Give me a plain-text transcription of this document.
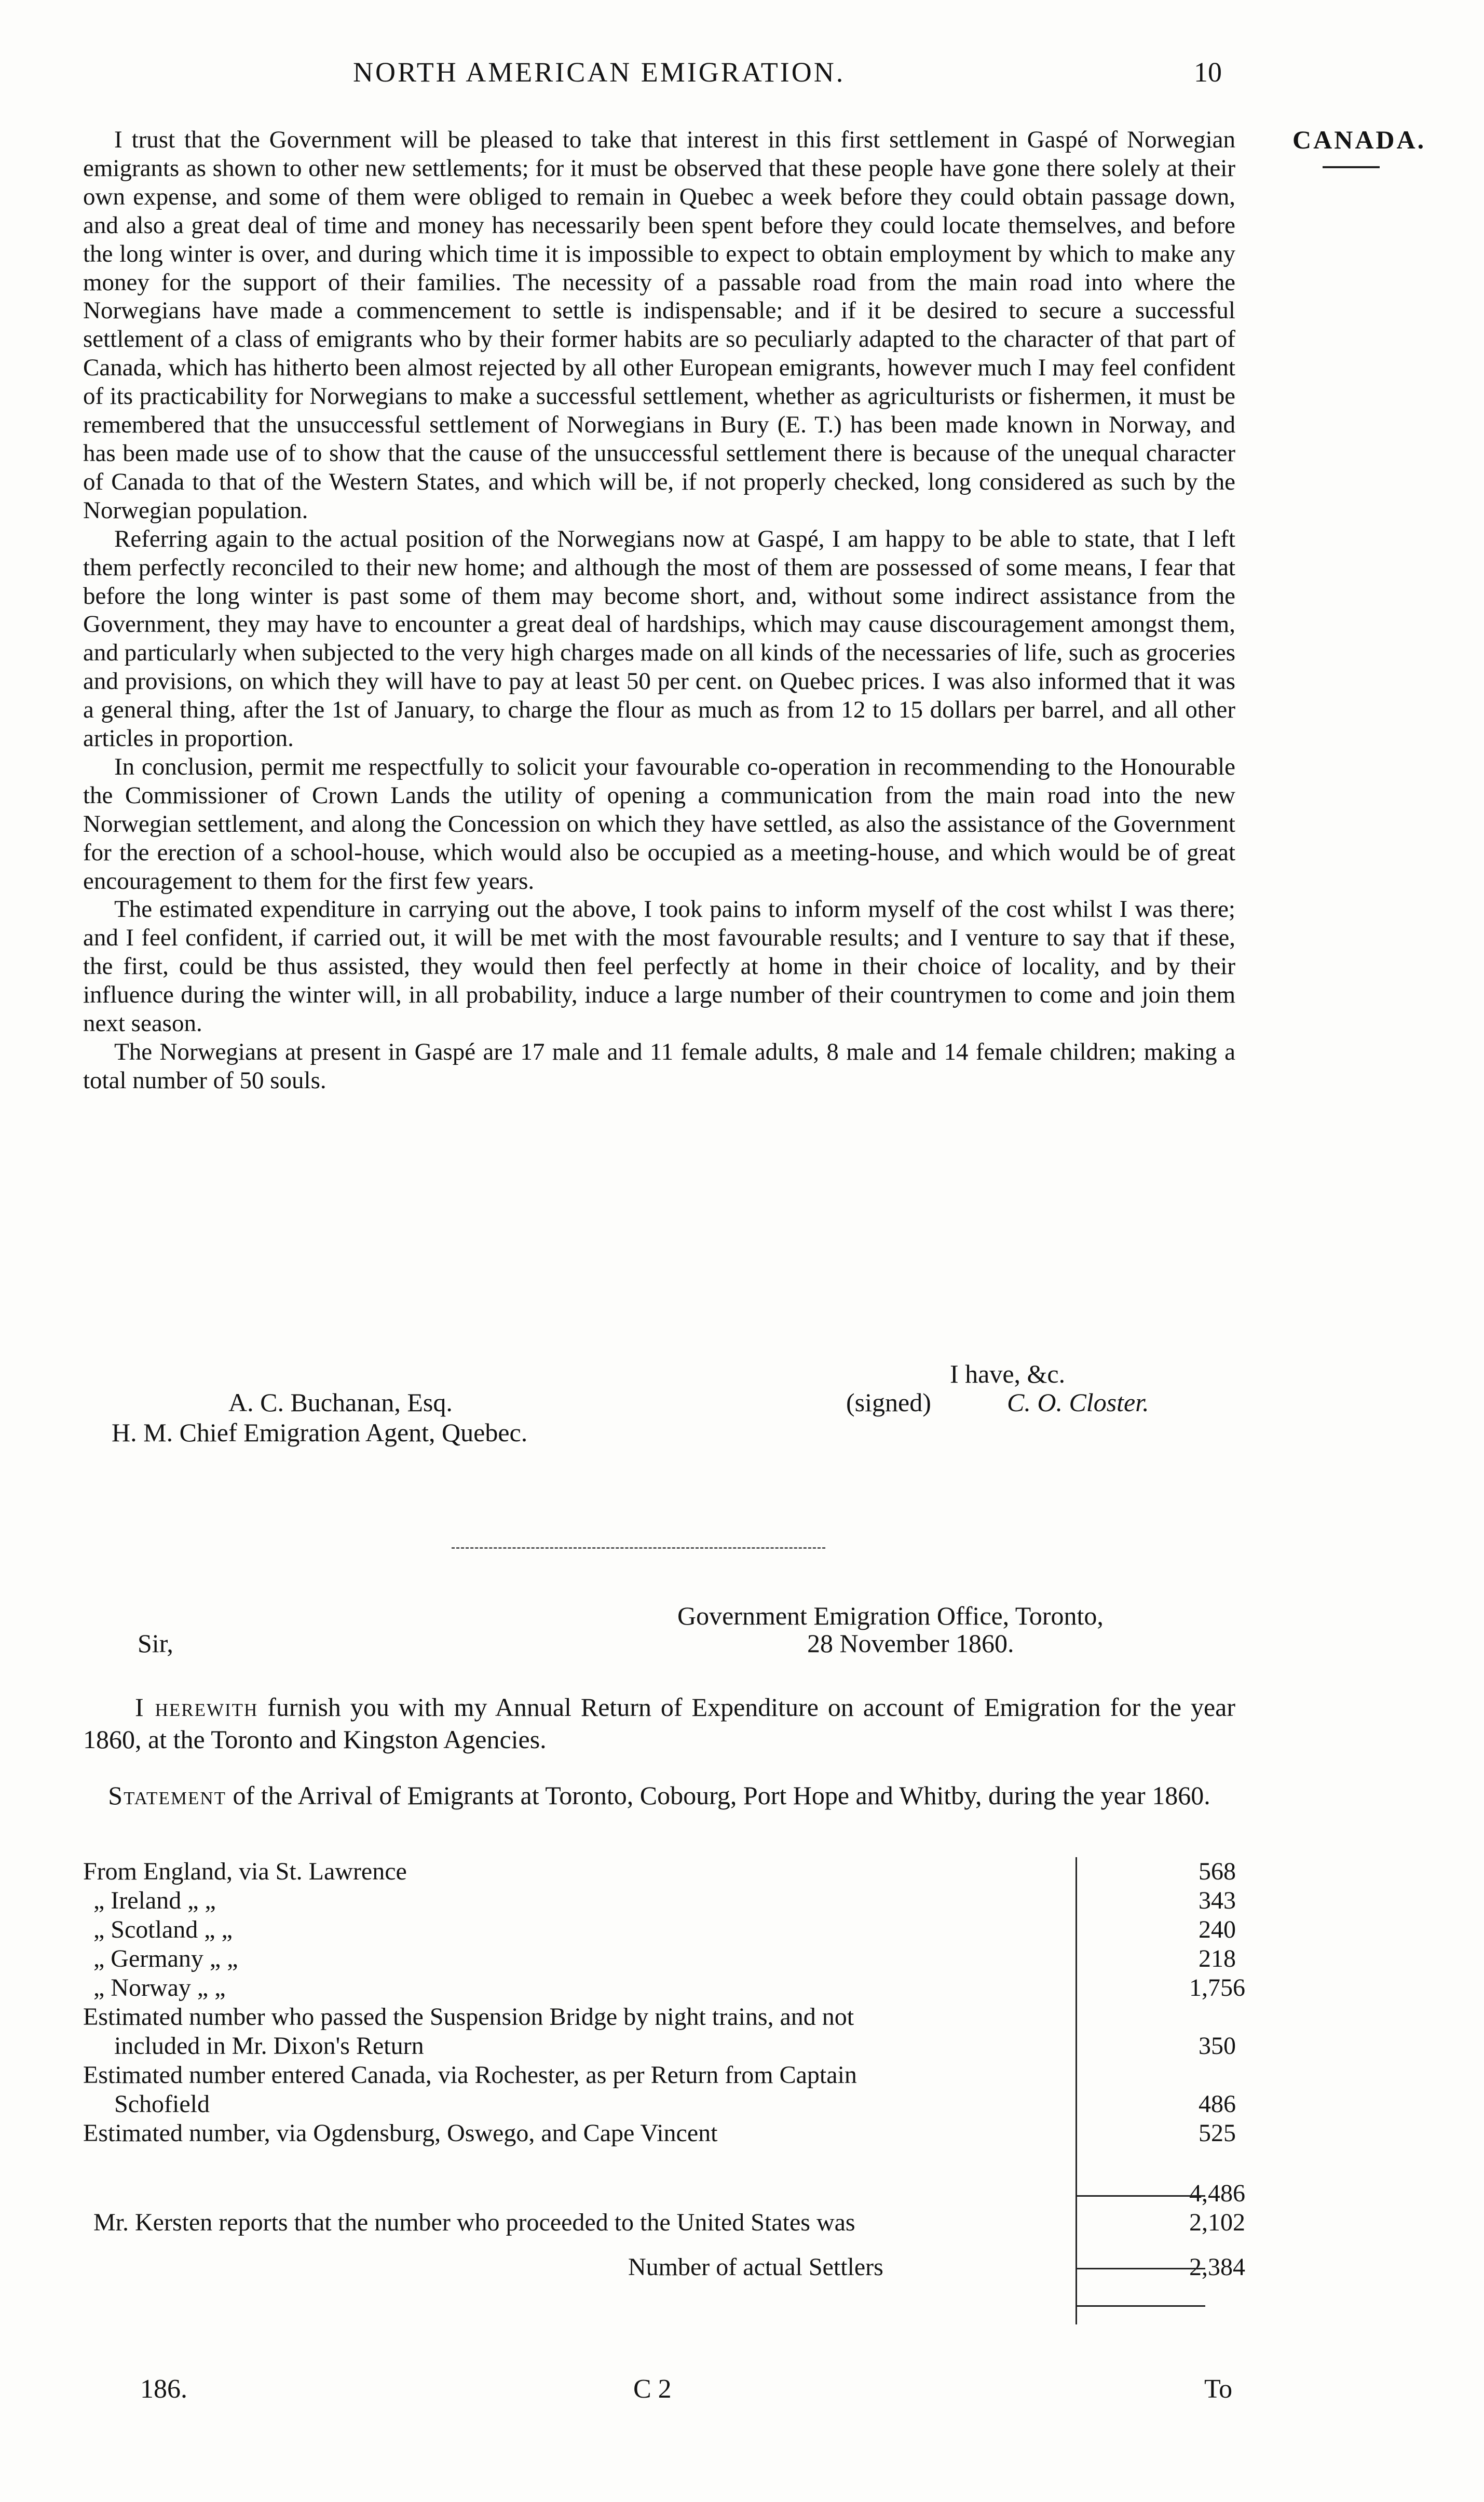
NORTH AMERICAN EMIGRATION.	10
CANADA.

I trust that the Government will be pleased to take that interest in this first settlement in Gaspé of Norwegian emigrants as shown to other new settlements; for it must be observed that these people have gone there solely at their own expense, and some of them were obliged to remain in Quebec a week before they could obtain passage down, and also a great deal of time and money has necessarily been spent before they could locate themselves, and before the long winter is over, and during which time it is impossible to expect to obtain employment by which to make any money for the support of their families. The necessity of a passable road from the main road into where the Norwegians have made a commencement to settle is indispensable; and if it be desired to secure a successful settlement of a class of emigrants who by their former habits are so peculiarly adapted to the character of that part of Canada, which has hitherto been almost rejected by all other European emigrants, however much I may feel confident of its practicability for Norwegians to make a successful settlement, whether as agriculturists or fishermen, it must be remembered that the unsuccessful settlement of Norwegians in Bury (E. T.) has been made known in Norway, and has been made use of to show that the cause of the unsuccessful settlement there is because of the unequal character of Canada to that of the Western States, and which will be, if not properly checked, long considered as such by the Norwegian population.

Referring again to the actual position of the Norwegians now at Gaspé, I am happy to be able to state, that I left them perfectly reconciled to their new home; and although the most of them are possessed of some means, I fear that before the long winter is past some of them may become short, and, without some indirect assistance from the Government, they may have to encounter a great deal of hardships, which may cause discouragement amongst them, and particularly when subjected to the very high charges made on all kinds of the necessaries of life, such as groceries and provisions, on which they will have to pay at least 50 per cent. on Quebec prices. I was also informed that it was a general thing, after the 1st of January, to charge the flour as much as from 12 to 15 dollars per barrel, and all other articles in proportion.

In conclusion, permit me respectfully to solicit your favourable co-operation in recommending to the Honourable the Commissioner of Crown Lands the utility of opening a communication from the main road into the new Norwegian settlement, and along the Concession on which they have settled, as also the assistance of the Government for the erection of a school-house, which would also be occupied as a meeting-house, and which would be of great encouragement to them for the first few years.

The estimated expenditure in carrying out the above, I took pains to inform myself of the cost whilst I was there; and I feel confident, if carried out, it will be met with the most favourable results; and I venture to say that if these, the first, could be thus assisted, they would then feel perfectly at home in their choice of locality, and by their influence during the winter will, in all probability, induce a large number of their countrymen to come and join them next season.

The Norwegians at present in Gaspé are 17 male and 11 female adults, 8 male and 14 female children; making a total number of 50 souls.

I have, &c.
(signed)	C. O. Closter.
A. C. Buchanan, Esq.
H. M. Chief Emigration Agent, Quebec.
Government Emigration Office, Toronto,
28 November 1860.
Sir,

I herewith furnish you with my Annual Return of Expenditure on account of Emigration for the year 1860, at the Toronto and Kingston Agencies.

Statement of the Arrival of Emigrants at Toronto, Cobourg, Port Hope and Whitby, during the year 1860.
From England, via St. Lawrence	568
„ Ireland „ „	343
„ Scotland „ „	240
„ Germany „ „	218
„ Norway „ „	1,756
Estimated number who passed the Suspension Bridge by night trains, and not
included in Mr. Dixon's Return	350
Estimated number entered Canada, via Rochester, as per Return from Captain
Schofield	486
Estimated number, via Ogdensburg, Oswego, and Cape Vincent	525
4,486
Mr. Kersten reports that the number who proceeded to the United States was	2,102
Number of actual Settlers	2,384
186.	C 2	To
